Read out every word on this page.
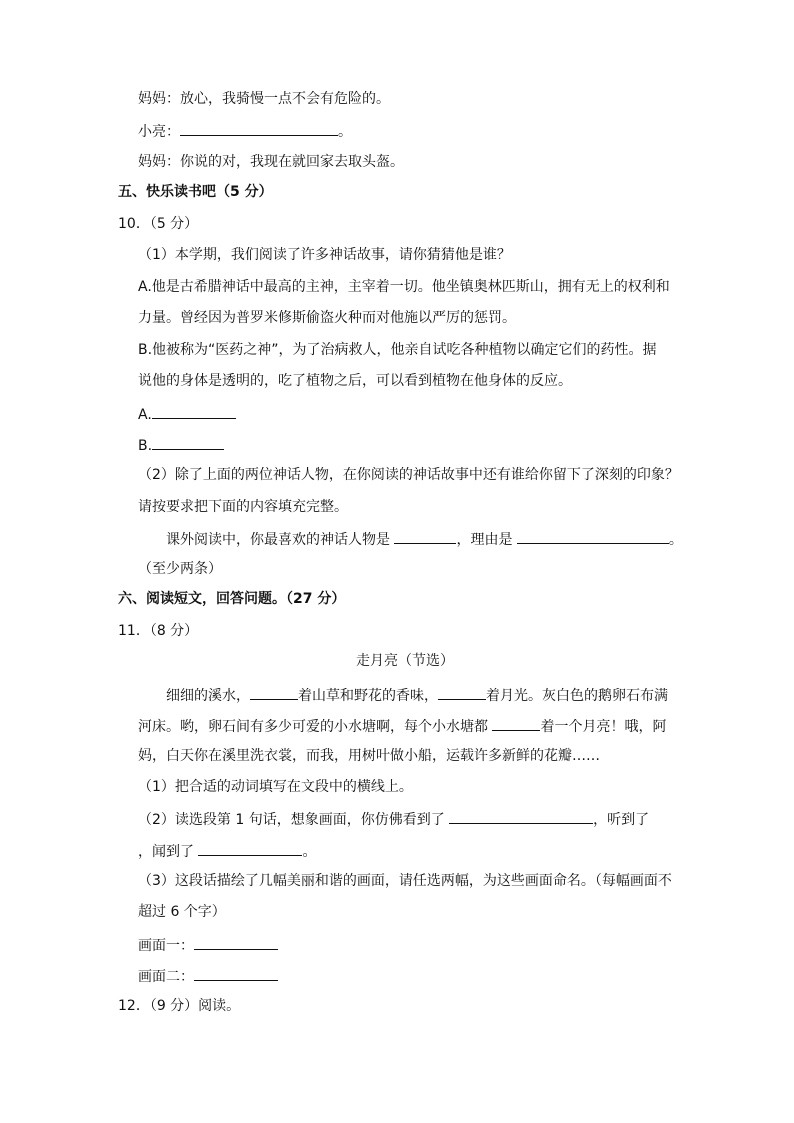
妈妈：放心，我骑慢一点不会有危险的。
小亮：	。
妈妈：你说的对，我现在就回家去取头盔。
五、快乐读书吧（5 分）
10．（5 分）
（1）本学期，我们阅读了许多神话故事，请你猜猜他是谁？
A.他是古希腊神话中最高的主神，主宰着一切。他坐镇奥林匹斯山，拥有无上的权利和
力量。曾经因为普罗米修斯偷盗火种而对他施以严厉的惩罚。
B.他被称为“医药之神”，为了治病救人，他亲自试吃各种植物以确定它们的药性。据
说他的身体是透明的，吃了植物之后，可以看到植物在他身体的反应。
A.
B.
（2）除了上面的两位神话人物，在你阅读的神话故事中还有谁给你留下了深刻的印象？
请按要求把下面的内容填充完整。
课外阅读中，你最喜欢的神话人物是	，理由是	。
（至少两条）
六、阅读短文，回答问题。（27 分）
11．（8 分）
走月亮（节选）
细细的溪水，	着山草和野花的香味，	着月光。灰白色的鹅卵石布满
河床。哟，卵石间有多少可爱的小水塘啊，每个小水塘都	着一个月亮！哦，阿
妈，白天你在溪里洗衣裳，而我，用树叶做小船，运载许多新鲜的花瓣……
（1）把合适的动词填写在文段中的横线上。
（2）读选段第 1 句话，想象画面，你仿佛看到了	，听到了
，闻到了	。
（3）这段话描绘了几幅美丽和谐的画面，请任选两幅，为这些画面命名。（每幅画面不
超过 6 个字）
画面一：
画面二：
12．（9 分）阅读。
